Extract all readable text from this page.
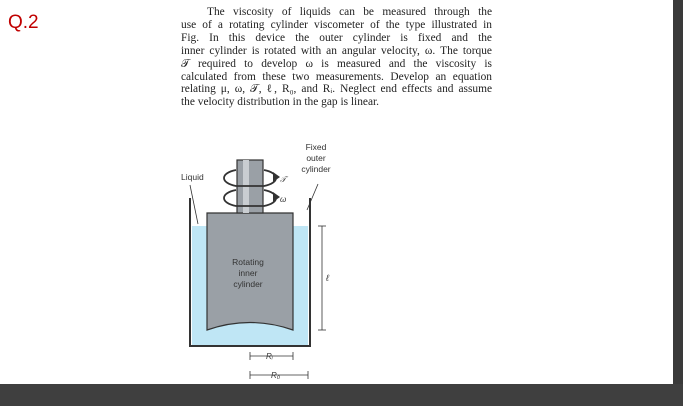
Q.2	The viscosity of liquids can be measured through the
use of a rotating cylinder viscometer of the type illustrated in
Fig. In this device the outer cylinder is fixed and the
inner cylinder is rotated with an angular velocity, ω. The torque
𝒯 required to develop ω is measured and the viscosity is
calculated from these two measurements. Develop an equation
relating μ, ω, 𝒯, ℓ, R₀, and Rᵢ. Neglect end effects and assume
the velocity distribution in the gap is linear.
Liquid	𝒯
ω
Fixed
outer
cylinder
Rotating
inner
cylinder
ℓ
Rᵢ
R₀
